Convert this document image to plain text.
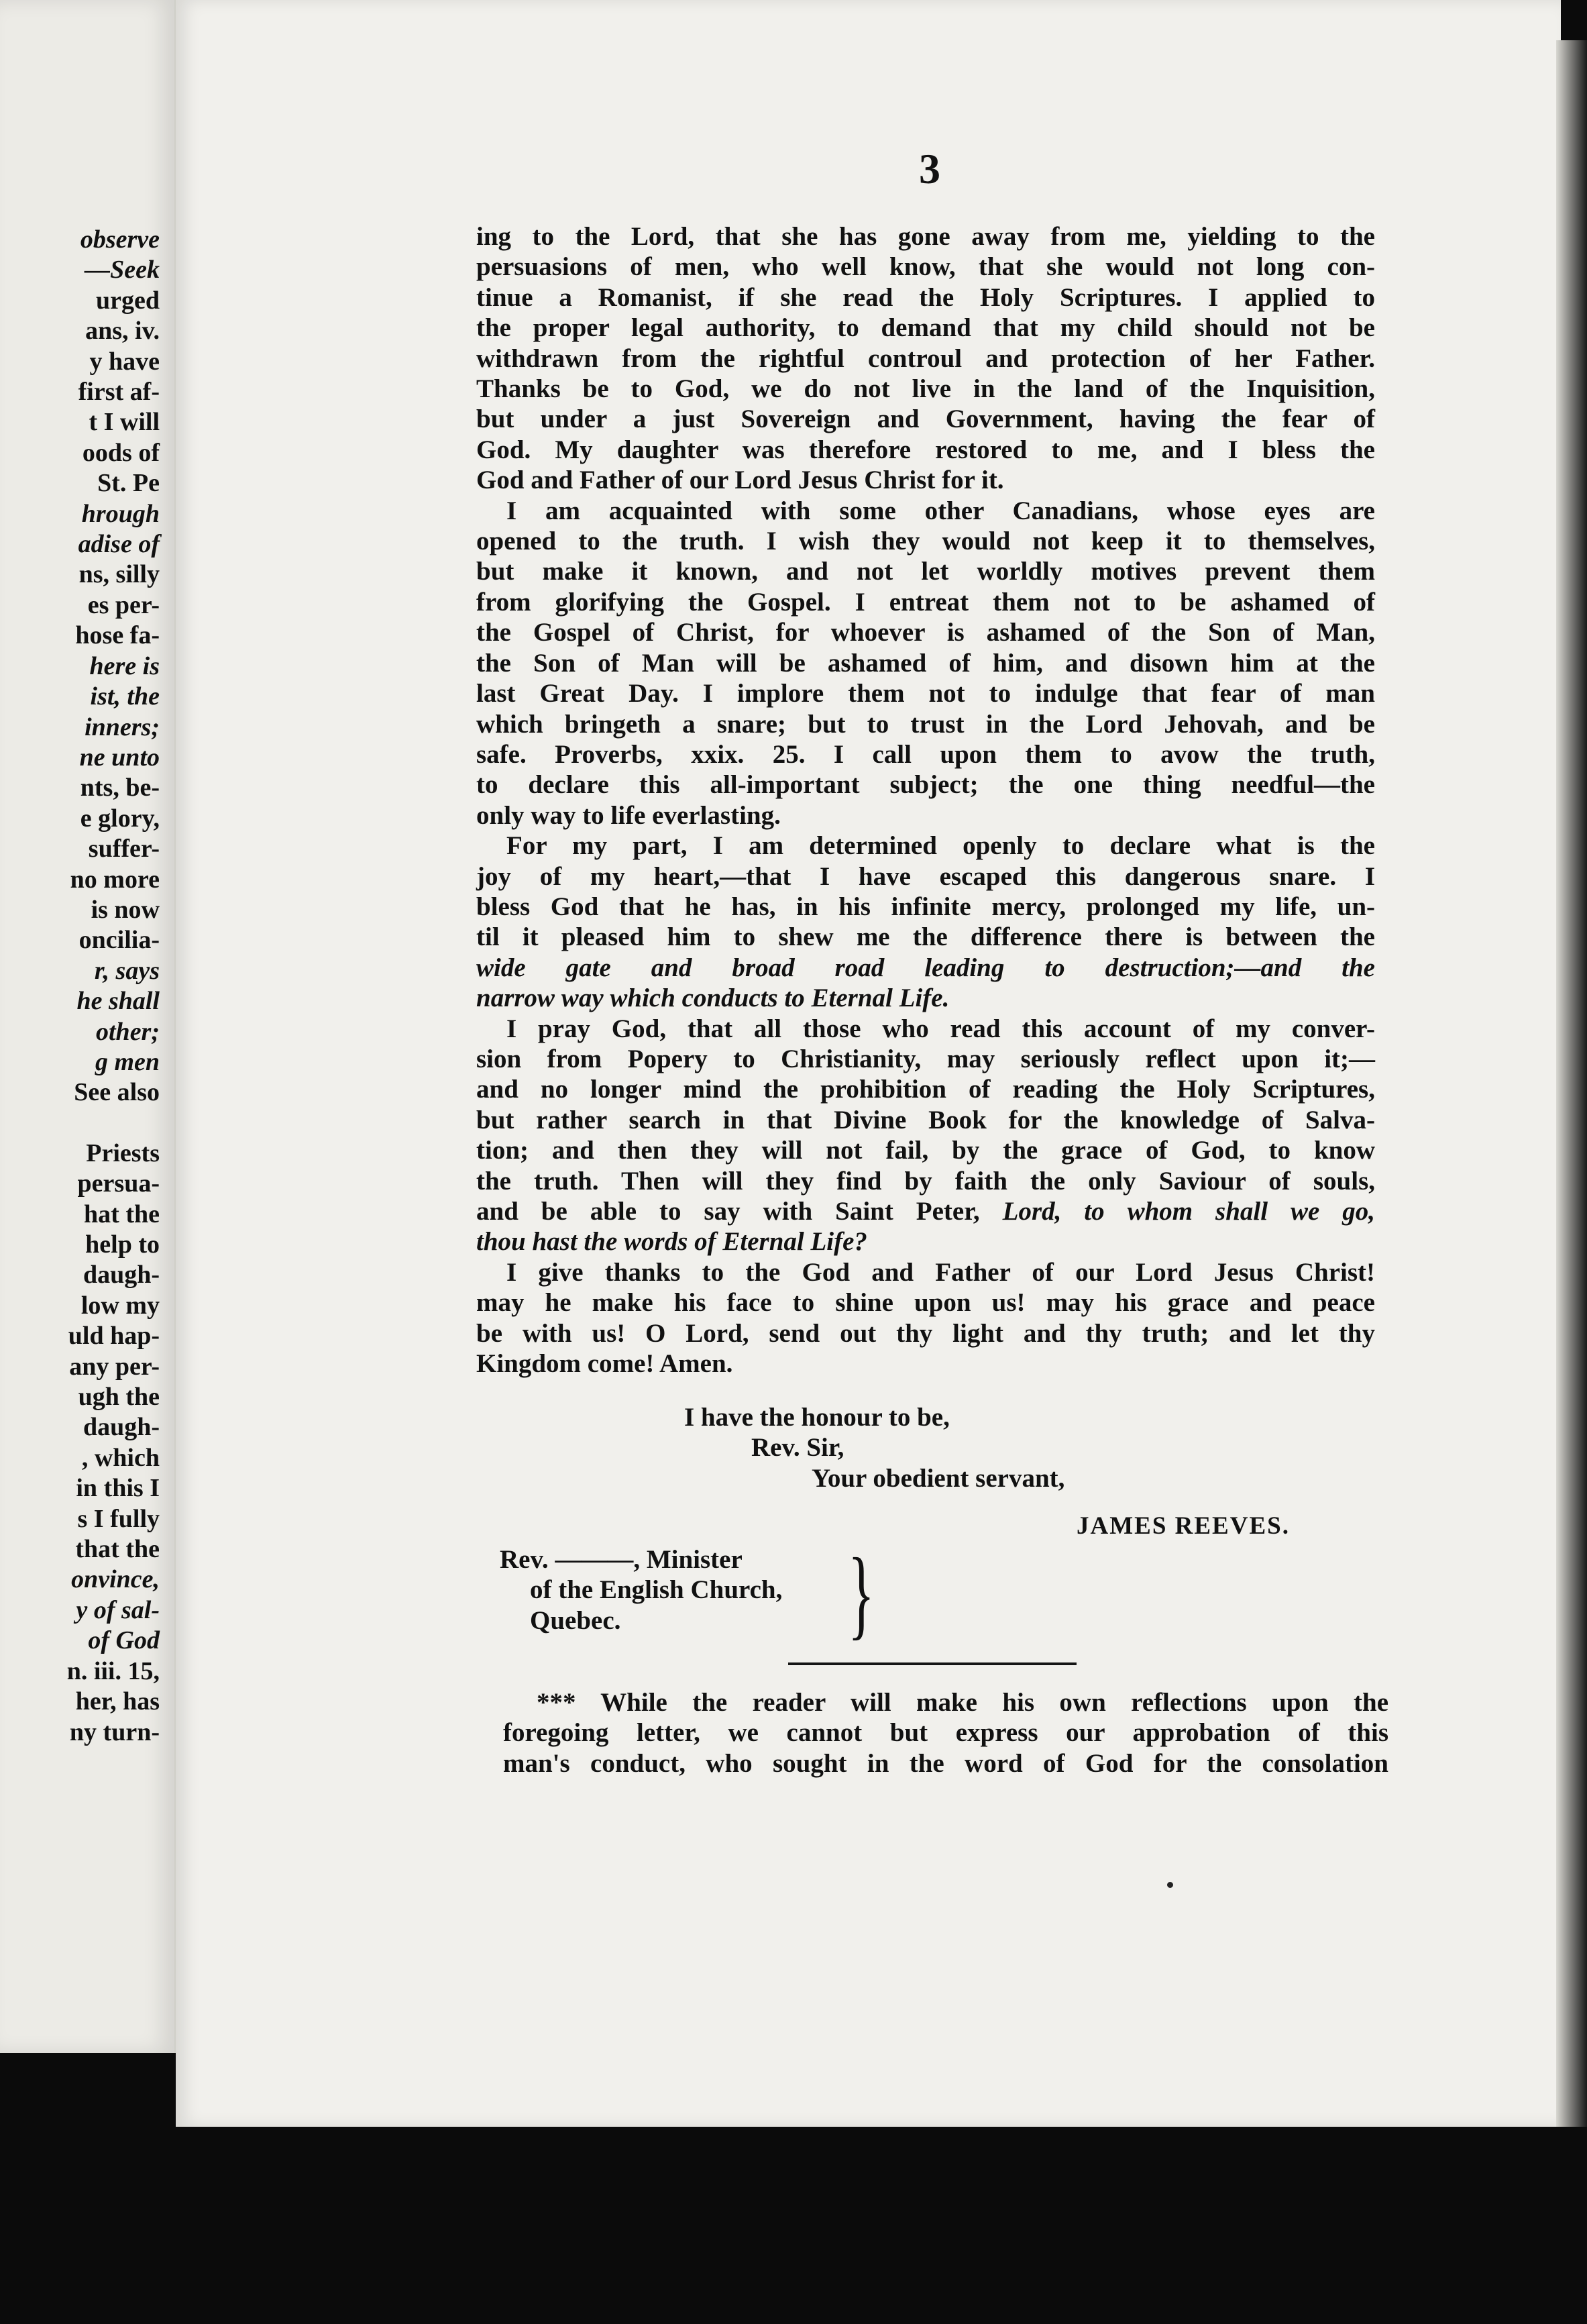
observe
—Seek
urged
ans, iv.
y have
first af-
t I will
oods of
St. Pe
hrough
adise of
ns, silly
es per-
hose fa-
here is
ist, the
inners;
ne unto
nts, be-
e glory,
suffer-
no more
is now
oncilia-
r, says
he shall
other;
g men
See also
Priests
persua-
hat the
help to
daugh-
low my
uld hap-
any per-
ugh the
daugh-
, which
in this I
s I fully
that the
onvince,
y of sal-
of God
n. iii. 15,
her, has
ny turn-
3
ing to the Lord, that she has gone away from me, yielding to the
persuasions of men, who well know, that she would not long con-
tinue a Romanist, if she read the Holy Scriptures. I applied to
the proper legal authority, to demand that my child should not be
withdrawn from the rightful controul and protection of her Father.
Thanks be to God, we do not live in the land of the Inquisition,
but under a just Sovereign and Government, having the fear of
God. My daughter was therefore restored to me, and I bless the
God and Father of our Lord Jesus Christ for it.
I am acquainted with some other Canadians, whose eyes are
opened to the truth. I wish they would not keep it to themselves,
but make it known, and not let worldly motives prevent them
from glorifying the Gospel. I entreat them not to be ashamed of
the Gospel of Christ, for whoever is ashamed of the Son of Man,
the Son of Man will be ashamed of him, and disown him at the
last Great Day. I implore them not to indulge that fear of man
which bringeth a snare; but to trust in the Lord Jehovah, and be
safe. Proverbs, xxix. 25. I call upon them to avow the truth,
to declare this all-important subject; the one thing needful—the
only way to life everlasting.
For my part, I am determined openly to declare what is the
joy of my heart,—that I have escaped this dangerous snare. I
bless God that he has, in his infinite mercy, prolonged my life, un-
til it pleased him to shew me the difference there is between the
wide gate and broad road leading to destruction;—and the
narrow way which conducts to Eternal Life.
I pray God, that all those who read this account of my conver-
sion from Popery to Christianity, may seriously reflect upon it;—
and no longer mind the prohibition of reading the Holy Scriptures,
but rather search in that Divine Book for the knowledge of Salva-
tion; and then they will not fail, by the grace of God, to know
the truth. Then will they find by faith the only Saviour of souls,
and be able to say with Saint Peter, Lord, to whom shall we go,
thou hast the words of Eternal Life?
I give thanks to the God and Father of our Lord Jesus Christ!
may he make his face to shine upon us! may his grace and peace
be with us! O Lord, send out thy light and thy truth; and let thy
Kingdom come! Amen.
I have the honour to be,
Rev. Sir,
Your obedient servant,
JAMES REEVES.
Rev. ———, Minister
of the English Church,
Quebec.	}
*** While the reader will make his own reflections upon the
foregoing letter, we cannot but express our approbation of this
man's conduct, who sought in the word of God for the consolation
